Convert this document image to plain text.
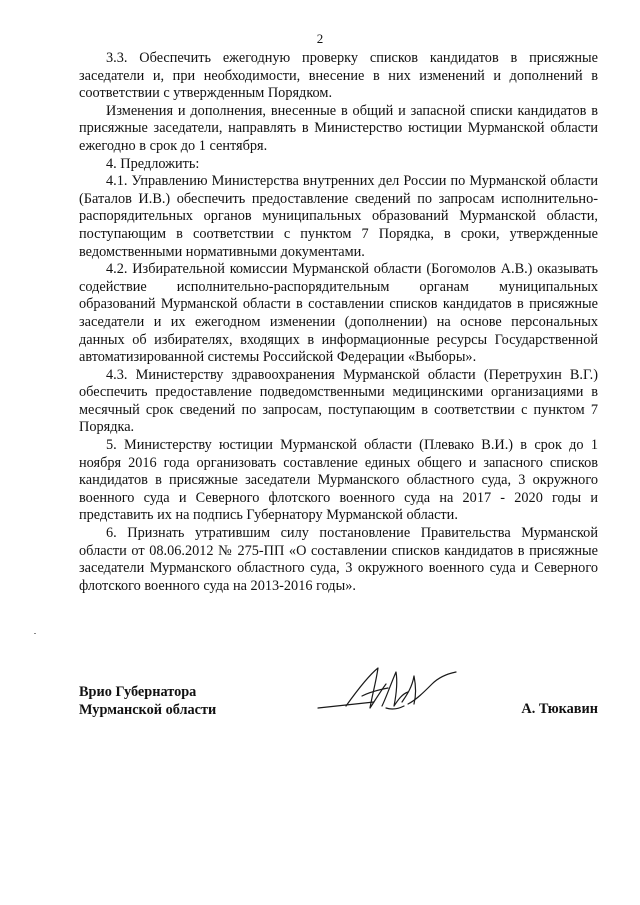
2

3.3. Обеспечить ежегодную проверку списков кандидатов в присяжные заседатели и, при необходимости, внесение в них изменений и дополнений в соответствии с утвержденным Порядком.

Изменения и дополнения, внесенные в общий и запасной списки кандидатов в присяжные заседатели, направлять в Министерство юстиции Мурманской области ежегодно в срок до 1 сентября.

4. Предложить:

4.1. Управлению Министерства внутренних дел России по Мурманской области (Баталов И.В.) обеспечить предоставление сведений по запросам исполнительно-распорядительных органов муниципальных образований Мурманской области, поступающим в соответствии с пунктом 7 Порядка, в сроки, утвержденные ведомственными нормативными документами.

4.2. Избирательной комиссии Мурманской области (Богомолов А.В.) оказывать содействие исполнительно-распорядительным органам муниципальных образований Мурманской области в составлении списков кандидатов в присяжные заседатели и их ежегодном изменении (дополнении) на основе персональных данных об избирателях, входящих в информационные ресурсы Государственной автоматизированной системы Российской Федерации «Выборы».

4.3. Министерству здравоохранения Мурманской области (Перетрухин В.Г.) обеспечить предоставление подведомственными медицинскими организациями в месячный срок сведений по запросам, поступающим в соответствии с пунктом 7 Порядка.

5. Министерству юстиции Мурманской области (Плевако В.И.) в срок до 1 ноября 2016 года организовать составление единых общего и запасного списков кандидатов в присяжные заседатели Мурманского областного суда, 3 окружного военного суда и Северного флотского военного суда на 2017 - 2020 годы и представить их на подпись Губернатору Мурманской области.

6. Признать утратившим силу постановление Правительства Мурманской области от 08.06.2012 № 275-ПП «О составлении списков кандидатов в присяжные заседатели Мурманского областного суда, 3 окружного военного суда и Северного флотского военного суда на 2013-2016 годы».

Врио Губернатора
Мурманской области	А. Тюкавин
